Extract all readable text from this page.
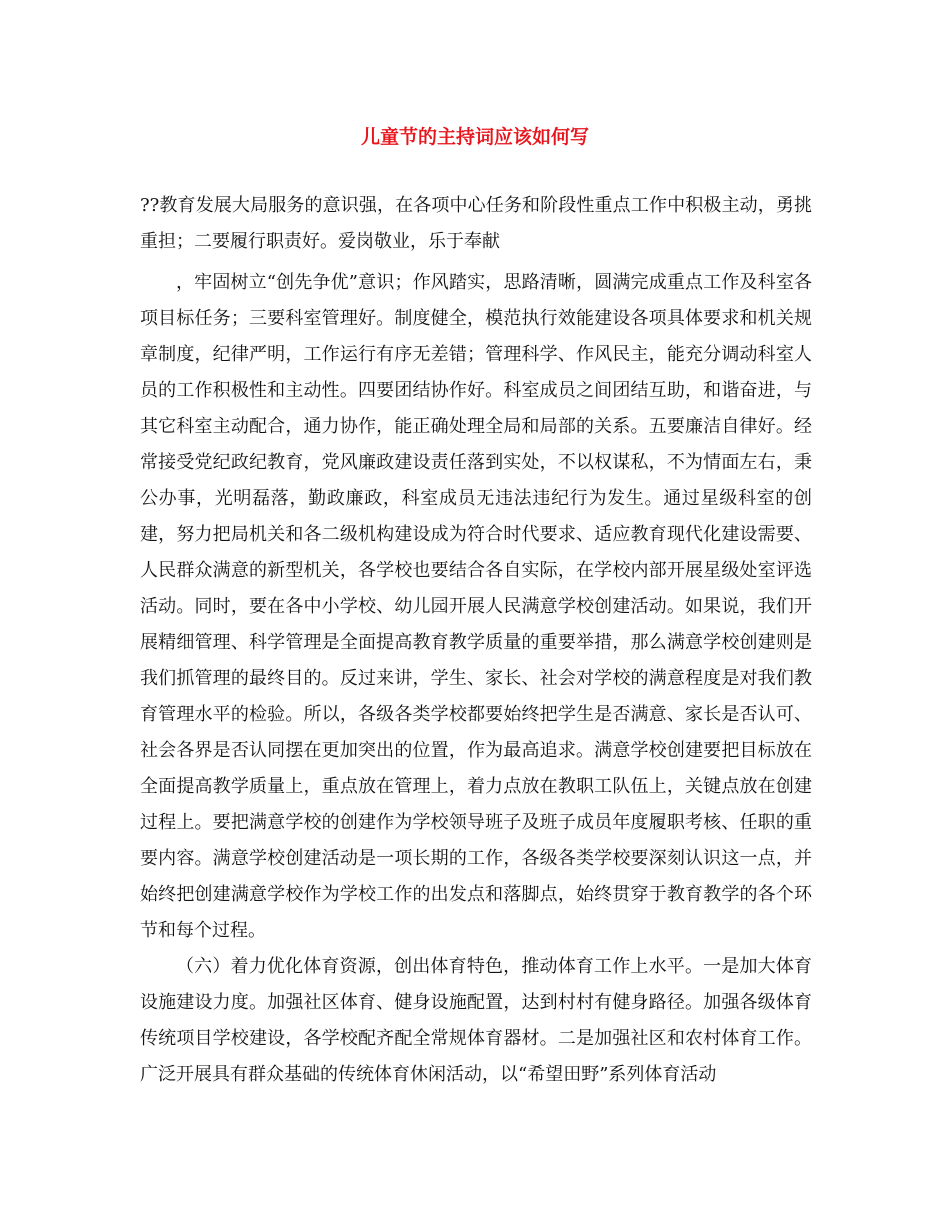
儿童节的主持词应该如何写

??教育发展大局服务的意识强，在各项中心任务和阶段性重点工作中积极主动，勇挑重担；二要履行职责好。爱岗敬业，乐于奉献

，牢固树立“创先争优”意识；作风踏实，思路清晰，圆满完成重点工作及科室各项目标任务；三要科室管理好。制度健全，模范执行效能建设各项具体要求和机关规章制度，纪律严明，工作运行有序无差错；管理科学、作风民主，能充分调动科室人员的工作积极性和主动性。四要团结协作好。科室成员之间团结互助，和谐奋进，与其它科室主动配合，通力协作，能正确处理全局和局部的关系。五要廉洁自律好。经常接受党纪政纪教育，党风廉政建设责任落到实处，不以权谋私，不为情面左右，秉公办事，光明磊落，勤政廉政，科室成员无违法违纪行为发生。通过星级科室的创建，努力把局机关和各二级机构建设成为符合时代要求、适应教育现代化建设需要、人民群众满意的新型机关，各学校也要结合各自实际，在学校内部开展星级处室评选活动。同时，要在各中小学校、幼儿园开展人民满意学校创建活动。如果说，我们开展精细管理、科学管理是全面提高教育教学质量的重要举措，那么满意学校创建则是我们抓管理的最终目的。反过来讲，学生、家长、社会对学校的满意程度是对我们教育管理水平的检验。所以，各级各类学校都要始终把学生是否满意、家长是否认可、社会各界是否认同摆在更加突出的位置，作为最高追求。满意学校创建要把目标放在全面提高教学质量上，重点放在管理上，着力点放在教职工队伍上，关键点放在创建过程上。要把满意学校的创建作为学校领导班子及班子成员年度履职考核、任职的重要内容。满意学校创建活动是一项长期的工作，各级各类学校要深刻认识这一点，并始终把创建满意学校作为学校工作的出发点和落脚点，始终贯穿于教育教学的各个环节和每个过程。

（六）着力优化体育资源，创出体育特色，推动体育工作上水平。一是加大体育设施建设力度。加强社区体育、健身设施配置，达到村村有健身路径。加强各级体育传统项目学校建设，各学校配齐配全常规体育器材。二是加强社区和农村体育工作。广泛开展具有群众基础的传统体育休闲活动，以“希望田野”系列体育活动
